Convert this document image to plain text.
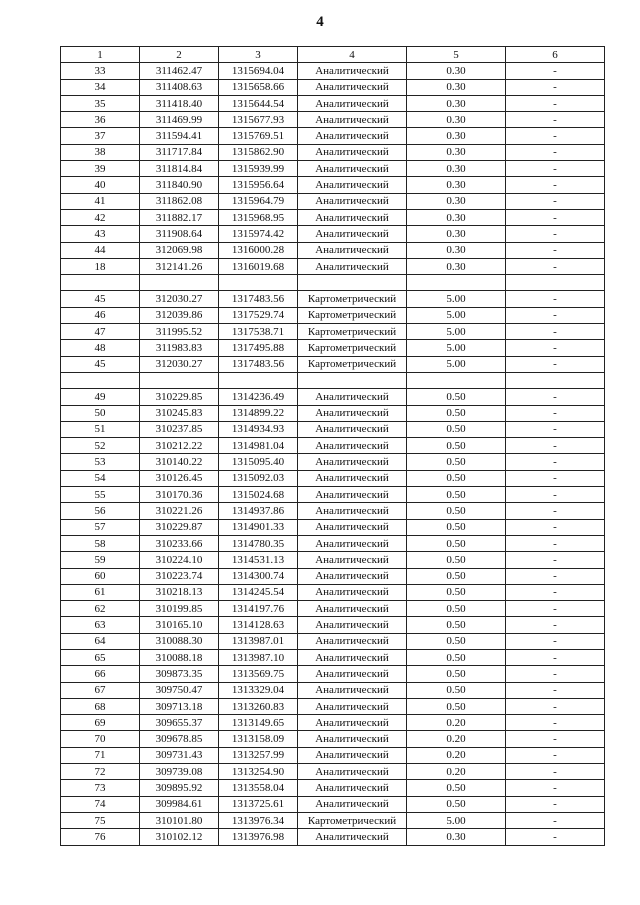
4
1	2	3	4	5	6
33	311462.47	1315694.04	Аналитический	0.30	-
34	311408.63	1315658.66	Аналитический	0.30	-
35	311418.40	1315644.54	Аналитический	0.30	-
36	311469.99	1315677.93	Аналитический	0.30	-
37	311594.41	1315769.51	Аналитический	0.30	-
38	311717.84	1315862.90	Аналитический	0.30	-
39	311814.84	1315939.99	Аналитический	0.30	-
40	311840.90	1315956.64	Аналитический	0.30	-
41	311862.08	1315964.79	Аналитический	0.30	-
42	311882.17	1315968.95	Аналитический	0.30	-
43	311908.64	1315974.42	Аналитический	0.30	-
44	312069.98	1316000.28	Аналитический	0.30	-
18	312141.26	1316019.68	Аналитический	0.30	-

45	312030.27	1317483.56	Картометрический	5.00	-
46	312039.86	1317529.74	Картометрический	5.00	-
47	311995.52	1317538.71	Картометрический	5.00	-
48	311983.83	1317495.88	Картометрический	5.00	-
45	312030.27	1317483.56	Картометрический	5.00	-

49	310229.85	1314236.49	Аналитический	0.50	-
50	310245.83	1314899.22	Аналитический	0.50	-
51	310237.85	1314934.93	Аналитический	0.50	-
52	310212.22	1314981.04	Аналитический	0.50	-
53	310140.22	1315095.40	Аналитический	0.50	-
54	310126.45	1315092.03	Аналитический	0.50	-
55	310170.36	1315024.68	Аналитический	0.50	-
56	310221.26	1314937.86	Аналитический	0.50	-
57	310229.87	1314901.33	Аналитический	0.50	-
58	310233.66	1314780.35	Аналитический	0.50	-
59	310224.10	1314531.13	Аналитический	0.50	-
60	310223.74	1314300.74	Аналитический	0.50	-
61	310218.13	1314245.54	Аналитический	0.50	-
62	310199.85	1314197.76	Аналитический	0.50	-
63	310165.10	1314128.63	Аналитический	0.50	-
64	310088.30	1313987.01	Аналитический	0.50	-
65	310088.18	1313987.10	Аналитический	0.50	-
66	309873.35	1313569.75	Аналитический	0.50	-
67	309750.47	1313329.04	Аналитический	0.50	-
68	309713.18	1313260.83	Аналитический	0.50	-
69	309655.37	1313149.65	Аналитический	0.20	-
70	309678.85	1313158.09	Аналитический	0.20	-
71	309731.43	1313257.99	Аналитический	0.20	-
72	309739.08	1313254.90	Аналитический	0.20	-
73	309895.92	1313558.04	Аналитический	0.50	-
74	309984.61	1313725.61	Аналитический	0.50	-
75	310101.80	1313976.34	Картометрический	5.00	-
76	310102.12	1313976.98	Аналитический	0.30	-
